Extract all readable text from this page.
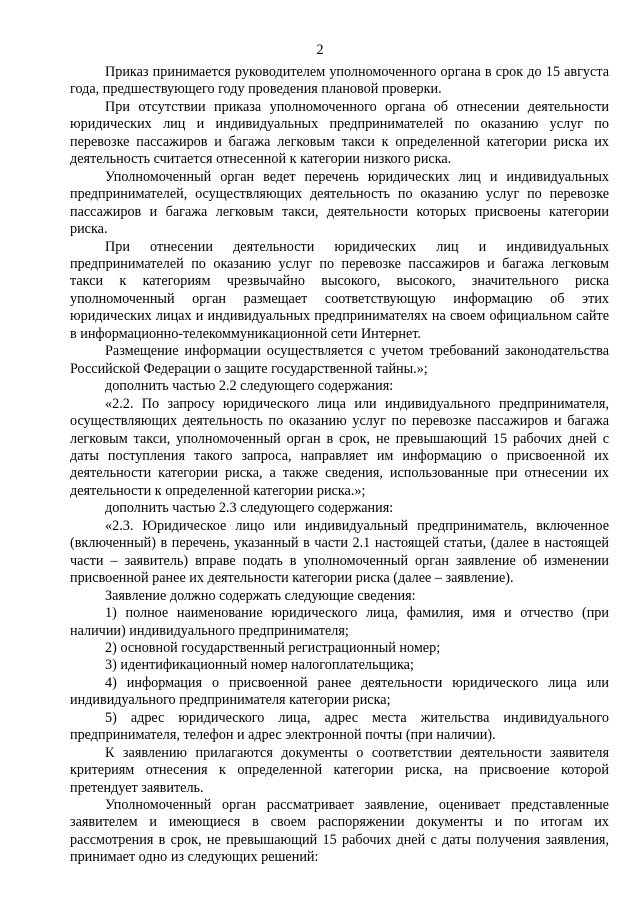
2

Приказ принимается руководителем уполномоченного органа в срок до 15 августа года, предшествующего году проведения плановой проверки.

При отсутствии приказа уполномоченного органа об отнесении деятельности юридических лиц и индивидуальных предпринимателей по оказанию услуг по перевозке пассажиров и багажа легковым такси к определенной категории риска их деятельность считается отнесенной к категории низкого риска.

Уполномоченный орган ведет перечень юридических лиц и индивидуальных предпринимателей, осуществляющих деятельность по оказанию услуг по перевозке пассажиров и багажа легковым такси, деятельности которых присвоены категории риска.

При отнесении деятельности юридических лиц и индивидуальных предпринимателей по оказанию услуг по перевозке пассажиров и багажа легковым такси к категориям чрезвычайно высокого, высокого, значительного риска уполномоченный орган размещает соответствующую информацию об этих юридических лицах и индивидуальных предпринимателях на своем официальном сайте в информационно-телекоммуникационной сети Интернет.

Размещение информации осуществляется с учетом требований законодательства Российской Федерации о защите государственной тайны.»;

дополнить частью 2.2 следующего содержания:

«2.2. По запросу юридического лица или индивидуального предпринимателя, осуществляющих деятельность по оказанию услуг по перевозке пассажиров и багажа легковым такси, уполномоченный орган в срок, не превышающий 15 рабочих дней с даты поступления такого запроса, направляет им информацию о присвоенной их деятельности категории риска, а также сведения, использованные при отнесении их деятельности к определенной категории риска.»;

дополнить частью 2.3 следующего содержания:

«2.3. Юридическое лицо или индивидуальный предприниматель, включенное (включенный) в перечень, указанный в части 2.1 настоящей статьи, (далее в настоящей части – заявитель) вправе подать в уполномоченный орган заявление об изменении присвоенной ранее их деятельности категории риска (далее – заявление).

Заявление должно содержать следующие сведения:

1) полное наименование юридического лица, фамилия, имя и отчество (при наличии) индивидуального предпринимателя;

2) основной государственный регистрационный номер;

3) идентификационный номер налогоплательщика;

4) информация о присвоенной ранее деятельности юридического лица или индивидуального предпринимателя категории риска;

5) адрес юридического лица, адрес места жительства индивидуального предпринимателя, телефон и адрес электронной почты (при наличии).

К заявлению прилагаются документы о соответствии деятельности заявителя критериям отнесения к определенной категории риска, на присвоение которой претендует заявитель.

Уполномоченный орган рассматривает заявление, оценивает представленные заявителем и имеющиеся в своем распоряжении документы и по итогам их рассмотрения в срок, не превышающий 15 рабочих дней с даты получения заявления, принимает одно из следующих решений:
